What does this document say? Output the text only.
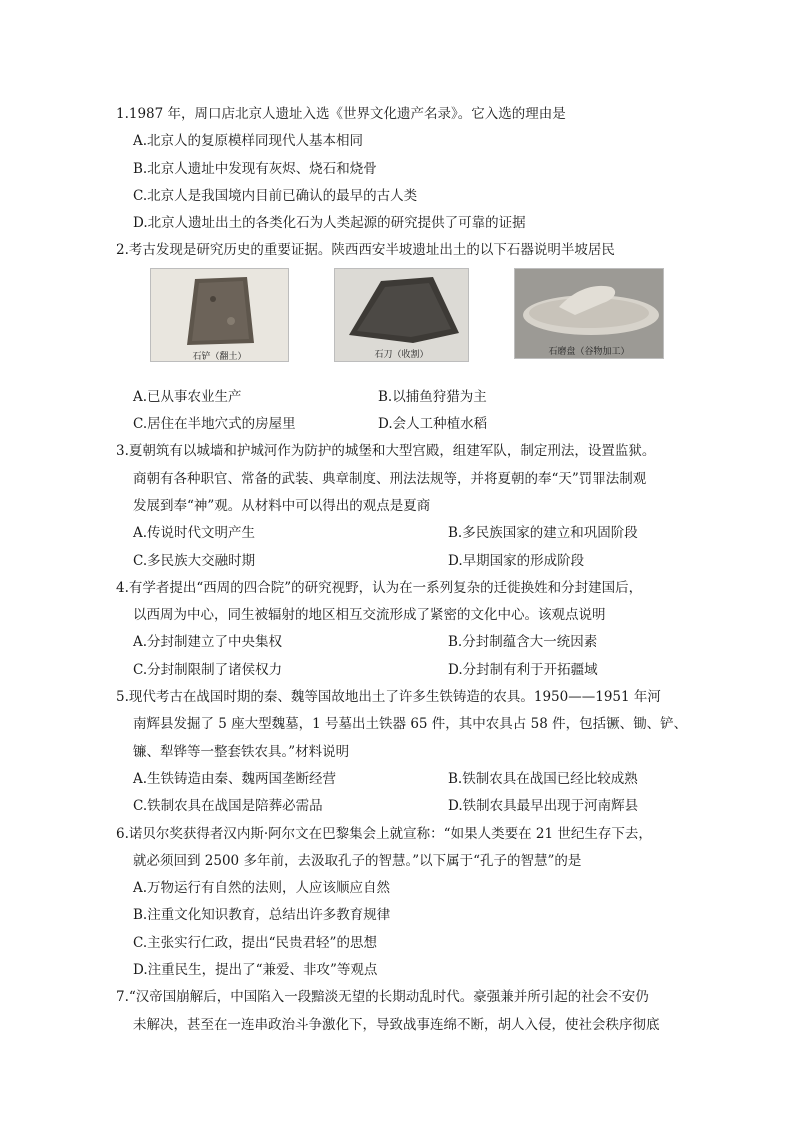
1.1987 年，周口店北京人遗址入选《世界文化遗产名录》。它入选的理由是
A.北京人的复原模样同现代人基本相同
B.北京人遗址中发现有灰烬、烧石和烧骨
C.北京人是我国境内目前已确认的最早的古人类
D.北京人遗址出土的各类化石为人类起源的研究提供了可靠的证据
2.考古发现是研究历史的重要证据。陕西西安半坡遗址出土的以下石器说明半坡居民
石铲（翻土）	石刀（收割）	石磨盘（谷物加工）
A.已从事农业生产	B.以捕鱼狩猎为主
C.居住在半地穴式的房屋里	D.会人工种植水稻
3.夏朝筑有以城墙和护城河作为防护的城堡和大型宫殿，组建军队，制定刑法，设置监狱。
商朝有各种职官、常备的武装、典章制度、刑法法规等，并将夏朝的奉“天”罚罪法制观
发展到奉“神”观。从材料中可以得出的观点是夏商
A.传说时代文明产生	B.多民族国家的建立和巩固阶段
C.多民族大交融时期	D.早期国家的形成阶段
4.有学者提出“西周的四合院”的研究视野，认为在一系列复杂的迁徙换姓和分封建国后，
以西周为中心，同生被辐射的地区相互交流形成了紧密的文化中心。该观点说明
A.分封制建立了中央集权	B.分封制蕴含大一统因素
C.分封制限制了诸侯权力	D.分封制有利于开拓疆域
5.现代考古在战国时期的秦、魏等国故地出土了许多生铁铸造的农具。1950——1951 年河
南辉县发掘了 5 座大型魏墓，1 号墓出土铁器 65 件，其中农具占 58 件，包括镢、锄、铲、
镰、犁铧等一整套铁农具。”材料说明
A.生铁铸造由秦、魏两国垄断经营	B.铁制农具在战国已经比较成熟
C.铁制农具在战国是陪葬必需品	D.铁制农具最早出现于河南辉县
6.诺贝尔奖获得者汉内斯·阿尔文在巴黎集会上就宣称：“如果人类要在 21 世纪生存下去，
就必须回到 2500 多年前，去汲取孔子的智慧。”以下属于“孔子的智慧”的是
A.万物运行有自然的法则，人应该顺应自然
B.注重文化知识教育，总结出许多教育规律
C.主张实行仁政，提出“民贵君轻”的思想
D.注重民生，提出了“兼爱、非攻”等观点
7.“汉帝国崩解后，中国陷入一段黯淡无望的长期动乱时代。豪强兼并所引起的社会不安仍
未解决，甚至在一连串政治斗争激化下，导致战事连绵不断，胡人入侵，使社会秩序彻底
